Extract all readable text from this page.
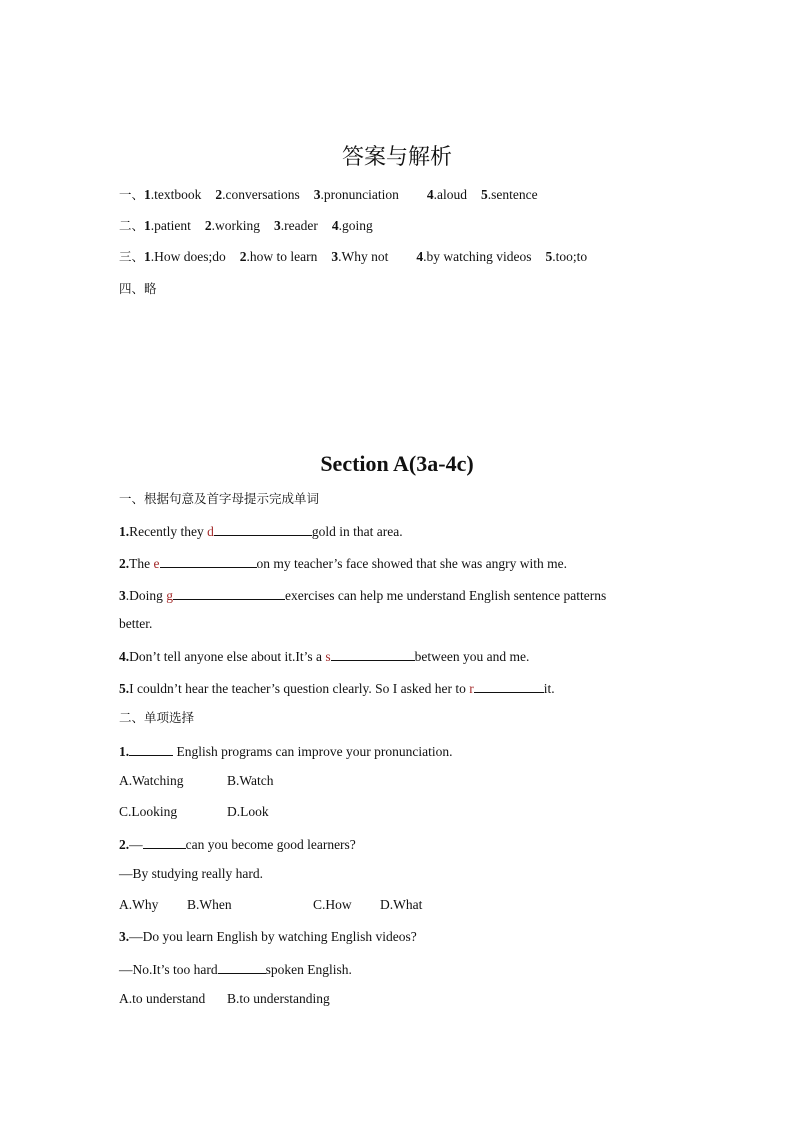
答案与解析
一、1.textbook 2.conversations 3.pronunciation 4.aloud 5.sentence
二、1.patient 2.working 3.reader 4.going
三、1.How does;do 2.how to learn 3.Why not 4.by watching videos 5.too;to
四、略
Section A(3a-4c)
一、根据句意及首字母提示完成单词
1.Recently they d	gold in that area.
2.The e	on my teacher’s face showed that she was angry with me.
3.Doing g	exercises can help me understand English sentence patterns
better.
4.Don’t tell anyone else about it.It’s a s	between you and me.
5.I couldn’t hear the teacher’s question clearly. So I asked her to r	it.
二、单项选择
1.	English programs can improve your pronunciation.
A.Watching	B.Watch
C.Looking	D.Look
2.—	can you become good learners?
—By studying really hard.
A.Why B.When	C.How D.What
3.—Do you learn English by watching English videos?
—No.It’s too hard	spoken English.
A.to understand B.to understanding
